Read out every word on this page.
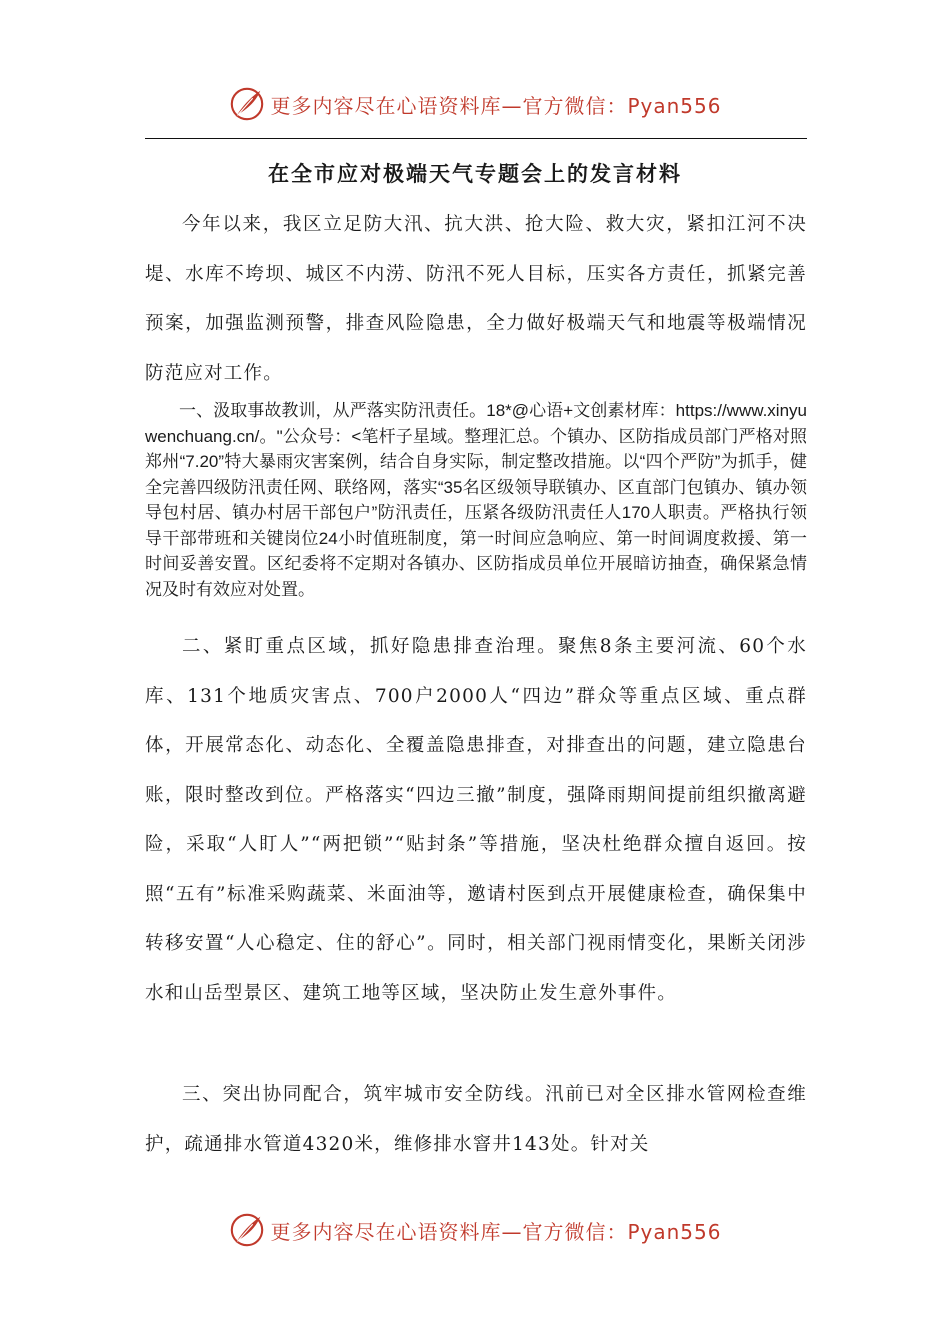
更多内容尽在心语资料库—官方微信：Pyan556
在全市应对极端天气专题会上的发言材料

今年以来，我区立足防大汛、抗大洪、抢大险、救大灾，紧扣江河不决堤、水库不垮坝、城区不内涝、防汛不死人目标，压实各方责任，抓紧完善预案，加强监测预警，排查风险隐患，全力做好极端天气和地震等极端情况防范应对工作。

一、汲取事故教训，从严落实防汛责任。18*@心语+文创素材库：https://www.xinyuwenchuang.cn/。"公众号：<笔杆子星域。整理汇总。个镇办、区防指成员部门严格对照郑州“7.20”特大暴雨灾害案例，结合自身实际，制定整改措施。以“四个严防”为抓手，健全完善四级防汛责任网、联络网，落实“35名区级领导联镇办、区直部门包镇办、镇办领导包村居、镇办村居干部包户”防汛责任，压紧各级防汛责任人170人职责。严格执行领导干部带班和关键岗位24小时值班制度，第一时间应急响应、第一时间调度救援、第一时间妥善安置。区纪委将不定期对各镇办、区防指成员单位开展暗访抽查，确保紧急情况及时有效应对处置。

二、紧盯重点区域，抓好隐患排查治理。聚焦8条主要河流、60个水库、131个地质灾害点、700户2000人“四边”群众等重点区域、重点群体，开展常态化、动态化、全覆盖隐患排查，对排查出的问题，建立隐患台账，限时整改到位。严格落实“四边三撤”制度，强降雨期间提前组织撤离避险，采取“人盯人”“两把锁”“贴封条”等措施，坚决杜绝群众擅自返回。按照“五有”标准采购蔬菜、米面油等，邀请村医到点开展健康检查，确保集中转移安置“人心稳定、住的舒心”。同时，相关部门视雨情变化，果断关闭涉水和山岳型景区、建筑工地等区域，坚决防止发生意外事件。

三、突出协同配合，筑牢城市安全防线。汛前已对全区排水管网检查维护，疏通排水管道4320米，维修排水窨井143处。针对关

更多内容尽在心语资料库—官方微信：Pyan556
